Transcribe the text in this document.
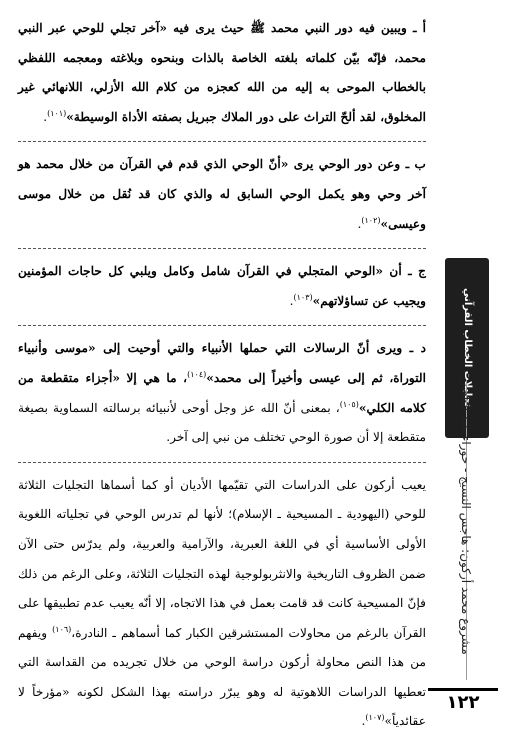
أ ـ ويبين فيه دور النبي محمد ﷺ حيث يرى فيه «آخر تجلي للوحي عبر النبي محمد، فإنّه بيّن كلماته بلغته الخاصة بالذات وبنحوه وبلاغته ومعجمه اللفظي بالخطاب الموحى به إليه من الله كعجزه من كلام الله الأزلي، اللانهائي غير المخلوق، لقد ألحّ التراث على دور الملاك جبريل بصفته الأداة الوسيطة»$^{(١٠١)}$.

ب ـ وعن دور الوحي يرى «أنّ الوحي الذي قدم في القرآن من خلال محمد هو آخر وحي وهو يكمل الوحي السابق له والذي كان قد نُقل من خلال موسى وعيسى»$^{(١٠٢)}$.

ج ـ أن «الوحي المتجلي في القرآن شامل وكامل ويلبي كل حاجات المؤمنين ويجيب عن تساؤلاتهم»$^{(١٠٣)}$.

د ـ ويرى أنّ الرسالات التي حملها الأنبياء والتي أوحيت إلى «موسى وأنبياء التوراة، ثم إلى عيسى وأخيراً إلى محمد»$^{(١٠٤)}$، ما هي إلا «أجزاء متقطعة من كلامه الكلي»$^{(١٠٥)}$، بمعنى أنّ الله عز وجل أوحى لأنبيائه برسالته السماوية بصيغة متقطعة إلا أن صورة الوحي تختلف من نبي إلى آخر.

يعيب أركون على الدراسات التي تقيّمها الأديان أو كما أسماها التجليات الثلاثة للوحي (اليهودية ـ المسيحية ـ الإسلام)؛ لأنها لم تدرس الوحي في تجلياته اللغوية الأولى الأساسية أي في اللغة العبرية، والآرامية والعربية، ولم يدرّس حتى الآن ضمن الظروف التاريخية والانثربولوجية لهذه التجليات الثلاثة، وعلى الرغم من ذلك فإنّ المسيحية كانت قد قامت بعمل في هذا الاتجاه، إلا أنّه يعيب عدم تطبيقها على القرآن بالرغم من محاولات المستشرقين الكبار كما أسماهم ـ النادرة،$^{(١٠٦)}$ ويفهم من هذا النص محاولة أركون دراسة الوحي من خلال تجريده من القداسة التي تعطيها الدراسات اللاهوتية له وهو يبرّر دراسته بهذا الشكل لكونه «مؤرخاً لا عقائدياً»$^{(١٠٧)}$.

تحليلات الخطاب القرآني
مشروع محمد أركون: هاجس النسيج - حوراء عبد الناصر
١٢٢
